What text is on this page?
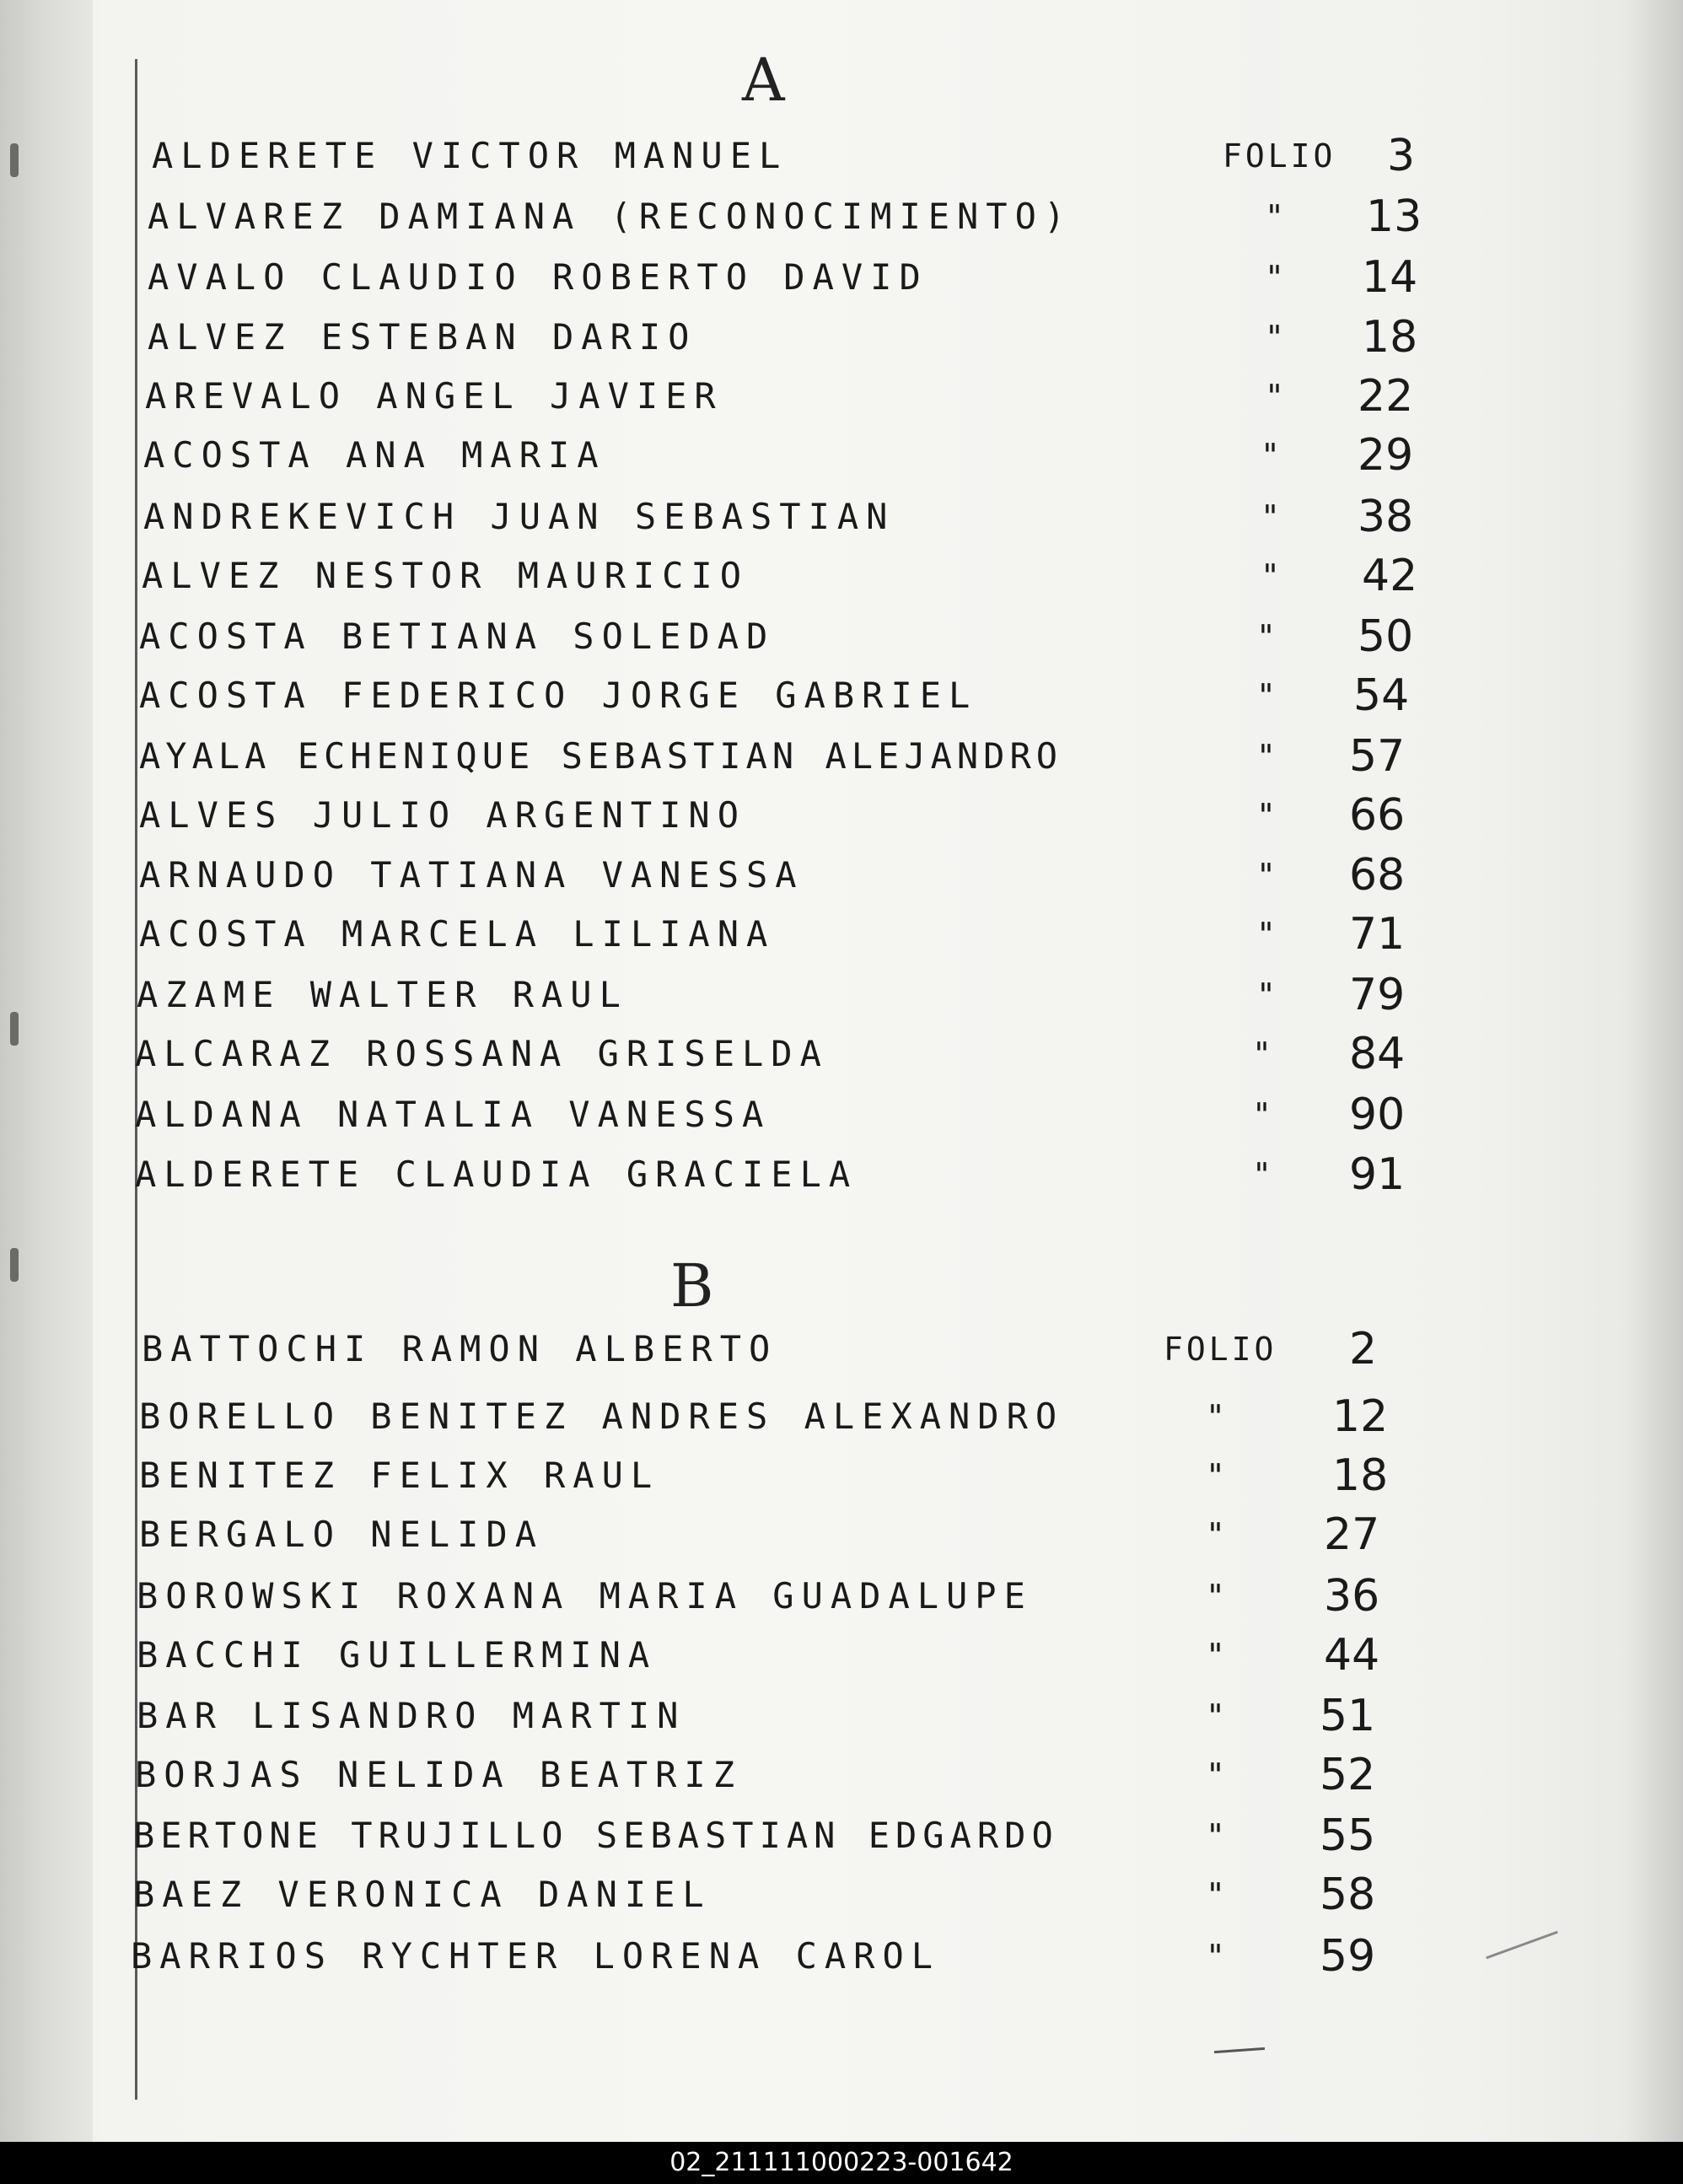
A
ALDERETE VICTOR MANUEL	FOLIO 3
ALVAREZ DAMIANA (RECONOCIMIENTO)	" 13
AVALO CLAUDIO ROBERTO DAVID	" 14
ALVEZ ESTEBAN DARIO	" 18
AREVALO ANGEL JAVIER	" 22
ACOSTA ANA MARIA	" 29
ANDREKEVICH JUAN SEBASTIAN	" 38
ALVEZ NESTOR MAURICIO	" 42
ACOSTA BETIANA SOLEDAD	" 50
ACOSTA FEDERICO JORGE GABRIEL	" 54
AYALA ECHENIQUE SEBASTIAN ALEJANDRO	" 57
ALVES JULIO ARGENTINO	" 66
ARNAUDO TATIANA VANESSA	" 68
ACOSTA MARCELA LILIANA	" 71
AZAME WALTER RAUL	" 79
ALCARAZ ROSSANA GRISELDA	" 84
ALDANA NATALIA VANESSA	" 90
ALDERETE CLAUDIA GRACIELA	" 91
B
BATTOCHI RAMON ALBERTO	FOLIO 2
BORELLO BENITEZ ANDRES ALEXANDRO	" 12
BENITEZ FELIX RAUL	" 18
BERGALO NELIDA	" 27
BOROWSKI ROXANA MARIA GUADALUPE	" 36
BACCHI GUILLERMINA	" 44
BAR LISANDRO MARTIN	" 51
BORJAS NELIDA BEATRIZ	" 52
BERTONE TRUJILLO SEBASTIAN EDGARDO	" 55
BAEZ VERONICA DANIEL	" 58
BARRIOS RYCHTER LORENA CAROL	" 59
02_211111000223-001642
